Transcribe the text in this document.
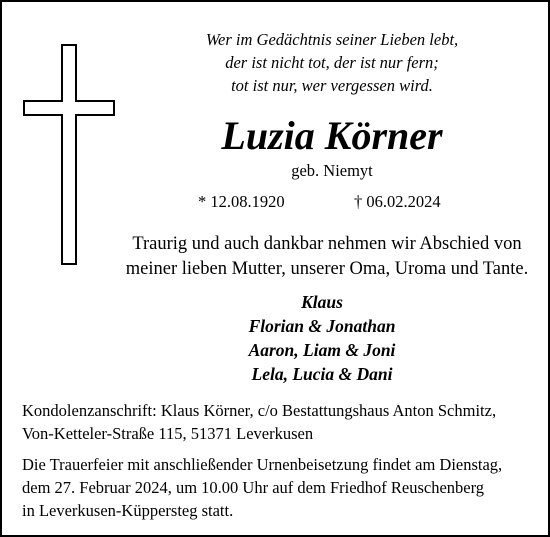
Wer im Gedächtnis seiner Lieben lebt,
der ist nicht tot, der ist nur fern;
tot ist nur, wer vergessen wird.
Luzia Körner
geb. Niemyt
* 12.08.1920	† 06.02.2024
Traurig und auch dankbar nehmen wir Abschied von
meiner lieben Mutter, unserer Oma, Uroma und Tante.
Klaus
Florian & Jonathan
Aaron, Liam & Joni
Lela, Lucia & Dani
Kondolenzanschrift: Klaus Körner, c/o Bestattungshaus Anton Schmitz,
Von-Ketteler-Straße 115, 51371 Leverkusen
Die Trauerfeier mit anschließender Urnenbeisetzung findet am Dienstag,
dem 27. Februar 2024, um 10.00 Uhr auf dem Friedhof Reuschenberg
in Leverkusen-Küppersteg statt.
